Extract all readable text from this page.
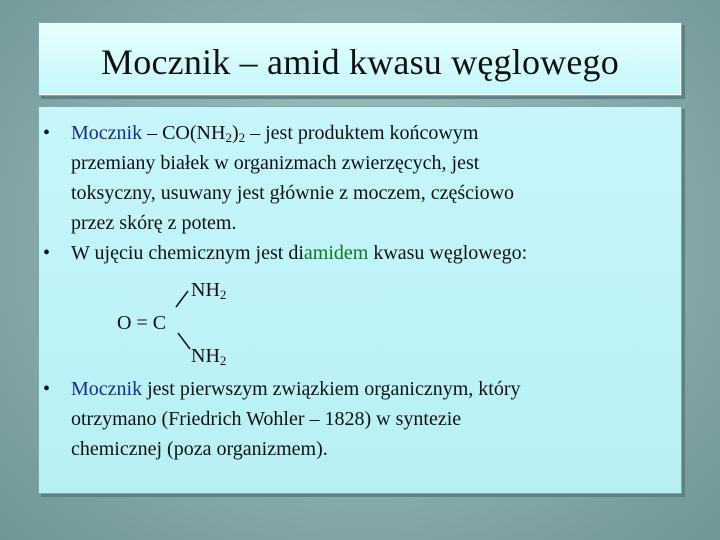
Mocznik – amid kwasu węglowego
• Mocznik – $CO(NH_2)_2$ – jest produktem końcowym
przemiany białek w organizmach zwierzęcych, jest
toksyczny, usuwany jest głównie z moczem, częściowo
przez skórę z potem.
• W ujęciu chemicznym jest diamidem kwasu węglowego:
$NH_2$
O = C
$NH_2$
• Mocznik jest pierwszym związkiem organicznym, który
otrzymano (Friedrich Wohler – 1828) w syntezie
chemicznej (poza organizmem).
